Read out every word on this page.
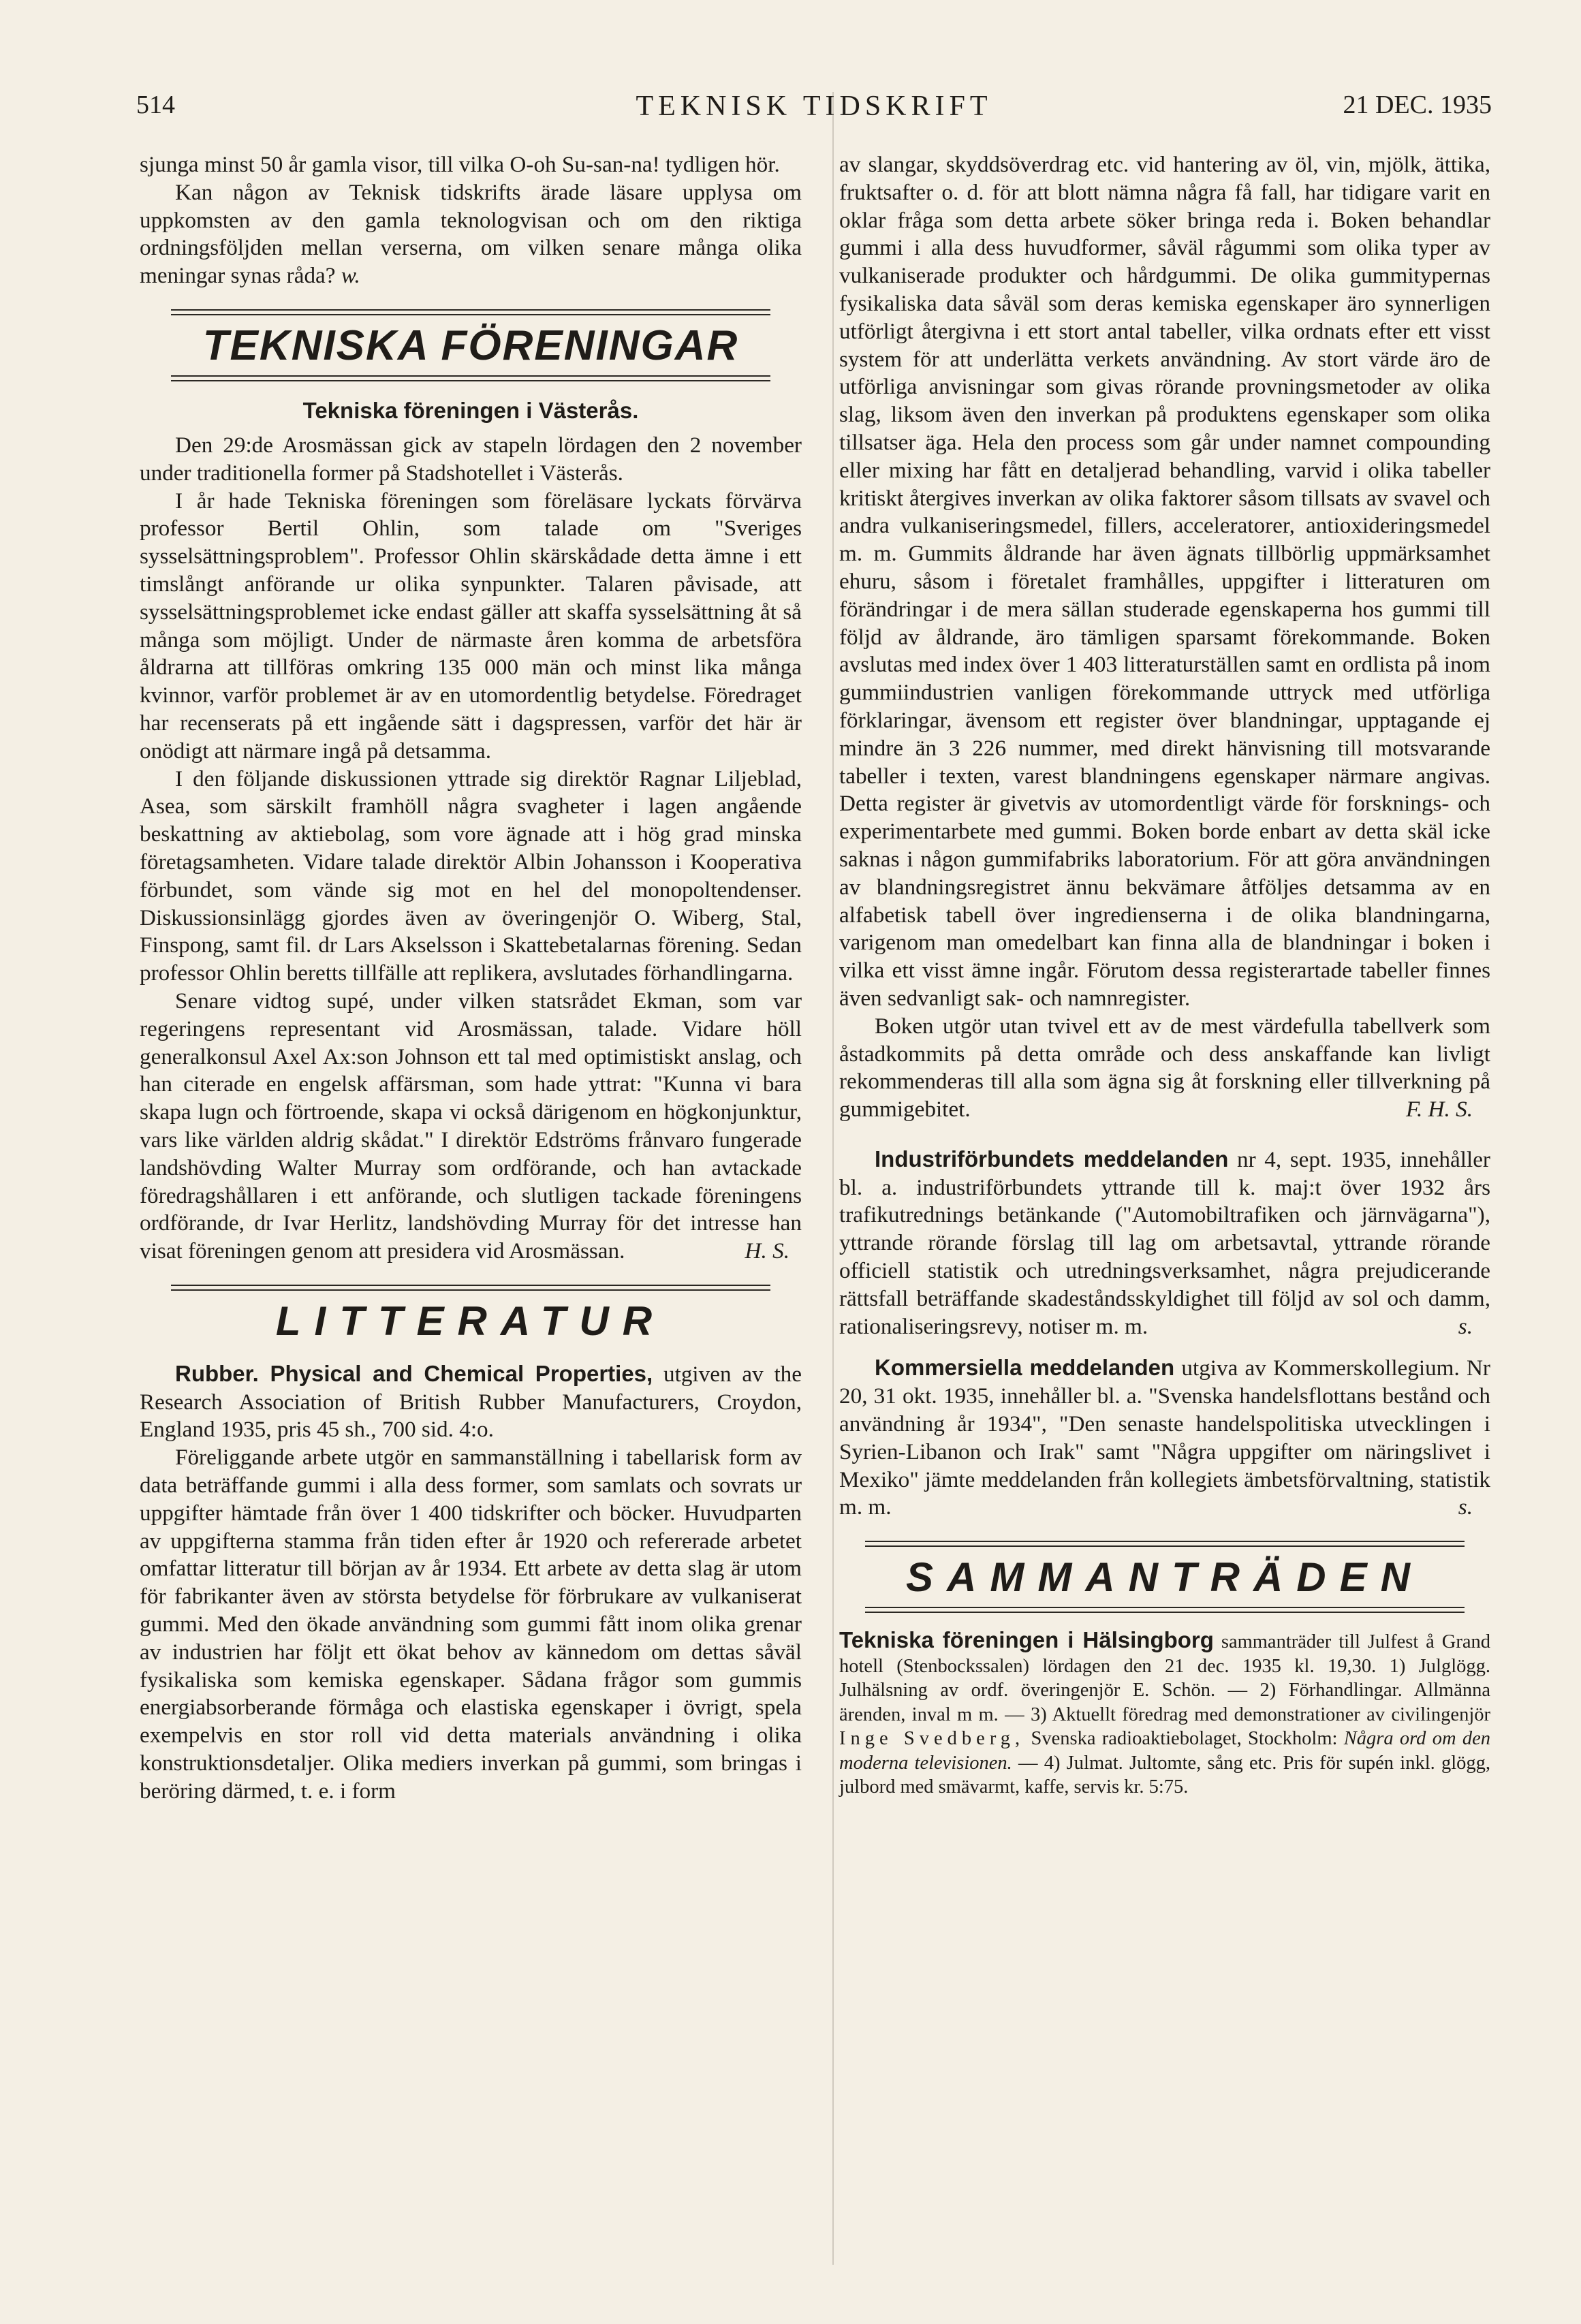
514	TEKNISK TIDSKRIFT	21 DEC. 1935

sjunga minst 50 år gamla visor, till vilka O-oh Su-san-na! tydligen hör.

Kan någon av Teknisk tidskrifts ärade läsare upplysa om uppkomsten av den gamla teknologvisan och om den riktiga ordningsföljden mellan verserna, om vilken senare många olika meningar synas råda? w.

TEKNISKA FÖRENINGAR
Tekniska föreningen i Västerås.

Den 29:de Arosmässan gick av stapeln lördagen den 2 november under traditionella former på Stadshotellet i Västerås.

I år hade Tekniska föreningen som föreläsare lyckats förvärva professor Bertil Ohlin, som talade om "Sveriges sysselsättningsproblem". Professor Ohlin skärskådade detta ämne i ett timslångt anförande ur olika synpunkter. Talaren påvisade, att sysselsättningsproblemet icke endast gäller att skaffa sysselsättning åt så många som möjligt. Under de närmaste åren komma de arbetsföra åldrarna att tillföras omkring 135 000 män och minst lika många kvinnor, varför problemet är av en utomordentlig betydelse. Föredraget har recenserats på ett ingående sätt i dagspressen, varför det här är onödigt att närmare ingå på detsamma.

I den följande diskussionen yttrade sig direktör Ragnar Liljeblad, Asea, som särskilt framhöll några svagheter i lagen angående beskattning av aktiebolag, som vore ägnade att i hög grad minska företagsamheten. Vidare talade direktör Albin Johansson i Kooperativa förbundet, som vände sig mot en hel del monopoltendenser. Diskussionsinlägg gjordes även av överingenjör O. Wiberg, Stal, Finspong, samt fil. dr Lars Akselsson i Skattebetalarnas förening. Sedan professor Ohlin beretts tillfälle att replikera, avslutades förhandlingarna.

Senare vidtog supé, under vilken statsrådet Ekman, som var regeringens representant vid Arosmässan, talade. Vidare höll generalkonsul Axel Ax:son Johnson ett tal med optimistiskt anslag, och han citerade en engelsk affärsman, som hade yttrat: "Kunna vi bara skapa lugn och förtroende, skapa vi också därigenom en högkonjunktur, vars like världen aldrig skådat." I direktör Edströms frånvaro fungerade landshövding Walter Murray som ordförande, och han avtackade föredragshållaren i ett anförande, och slutligen tackade föreningens ordförande, dr Ivar Herlitz, landshövding Murray för det intresse han visat föreningen genom att presidera vid Arosmässan.	H. S.

LITTERATUR

Rubber. Physical and Chemical Properties, utgiven av the Research Association of British Rubber Manufacturers, Croydon, England 1935, pris 45 sh., 700 sid. 4:o.

Föreliggande arbete utgör en sammanställning i tabellarisk form av data beträffande gummi i alla dess former, som samlats och sovrats ur uppgifter hämtade från över 1 400 tidskrifter och böcker. Huvudparten av uppgifterna stamma från tiden efter år 1920 och refererade arbetet omfattar litteratur till början av år 1934. Ett arbete av detta slag är utom för fabrikanter även av största betydelse för förbrukare av vulkaniserat gummi. Med den ökade användning som gummi fått inom olika grenar av industrien har följt ett ökat behov av kännedom om dettas såväl fysikaliska som kemiska egenskaper. Sådana frågor som gummis energiabsorberande förmåga och elastiska egenskaper i övrigt, spela exempelvis en stor roll vid detta materials användning i olika konstruktionsdetaljer. Olika mediers inverkan på gummi, som bringas i beröring därmed, t. e. i form

av slangar, skyddsöverdrag etc. vid hantering av öl, vin, mjölk, ättika, fruktsafter o. d. för att blott nämna några få fall, har tidigare varit en oklar fråga som detta arbete söker bringa reda i. Boken behandlar gummi i alla dess huvudformer, såväl rågummi som olika typer av vulkaniserade produkter och hårdgummi. De olika gummitypernas fysikaliska data såväl som deras kemiska egenskaper äro synnerligen utförligt återgivna i ett stort antal tabeller, vilka ordnats efter ett visst system för att underlätta verkets användning. Av stort värde äro de utförliga anvisningar som givas rörande provningsmetoder av olika slag, liksom även den inverkan på produktens egenskaper som olika tillsatser äga. Hela den process som går under namnet compounding eller mixing har fått en detaljerad behandling, varvid i olika tabeller kritiskt återgives inverkan av olika faktorer såsom tillsats av svavel och andra vulkaniseringsmedel, fillers, acceleratorer, antioxideringsmedel m. m. Gummits åldrande har även ägnats tillbörlig uppmärksamhet ehuru, såsom i företalet framhålles, uppgifter i litteraturen om förändringar i de mera sällan studerade egenskaperna hos gummi till följd av åldrande, äro tämligen sparsamt förekommande. Boken avslutas med index över 1 403 litteraturställen samt en ordlista på inom gummiindustrien vanligen förekommande uttryck med utförliga förklaringar, ävensom ett register över blandningar, upptagande ej mindre än 3 226 nummer, med direkt hänvisning till motsvarande tabeller i texten, varest blandningens egenskaper närmare angivas. Detta register är givetvis av utomordentligt värde för forsknings- och experimentarbete med gummi. Boken borde enbart av detta skäl icke saknas i någon gummifabriks laboratorium. För att göra användningen av blandningsregistret ännu bekvämare åtföljes detsamma av en alfabetisk tabell över ingredienserna i de olika blandningarna, varigenom man omedelbart kan finna alla de blandningar i boken i vilka ett visst ämne ingår. Förutom dessa registerartade tabeller finnes även sedvanligt sak- och namnregister.

Boken utgör utan tvivel ett av de mest värdefulla tabellverk som åstadkommits på detta område och dess anskaffande kan livligt rekommenderas till alla som ägna sig åt forskning eller tillverkning på gummigebitet.	F. H. S.

Industriförbundets meddelanden nr 4, sept. 1935, innehåller bl. a. industriförbundets yttrande till k. maj:t över 1932 års trafikutrednings betänkande ("Automobiltrafiken och järnvägarna"), yttrande rörande förslag till lag om arbetsavtal, yttrande rörande officiell statistik och utredningsverksamhet, några prejudicerande rättsfall beträffande skadeståndsskyldighet till följd av sol och damm, rationaliseringsrevy, notiser m. m.	s.

Kommersiella meddelanden utgiva av Kommerskollegium. Nr 20, 31 okt. 1935, innehåller bl. a. "Svenska handelsflottans bestånd och användning år 1934", "Den senaste handelspolitiska utvecklingen i Syrien-Libanon och Irak" samt "Några uppgifter om näringslivet i Mexiko" jämte meddelanden från kollegiets ämbetsförvaltning, statistik m. m.	s.

SAMMANTRÄDEN

Tekniska föreningen i Hälsingborg sammanträder till Julfest å Grand hotell (Stenbockssalen) lördagen den 21 dec. 1935 kl. 19,30. 1) Julglögg. Julhälsning av ordf. överingenjör E. Schön. — 2) Förhandlingar. Allmänna ärenden, inval m m. — 3) Aktuellt föredrag med demonstrationer av civilingenjör Inge Svedberg, Svenska radioaktiebolaget, Stockholm: Några ord om den moderna televisionen. — 4) Julmat. Jultomte, sång etc. Pris för supén inkl. glögg, julbord med smävarmt, kaffe, servis kr. 5:75.
